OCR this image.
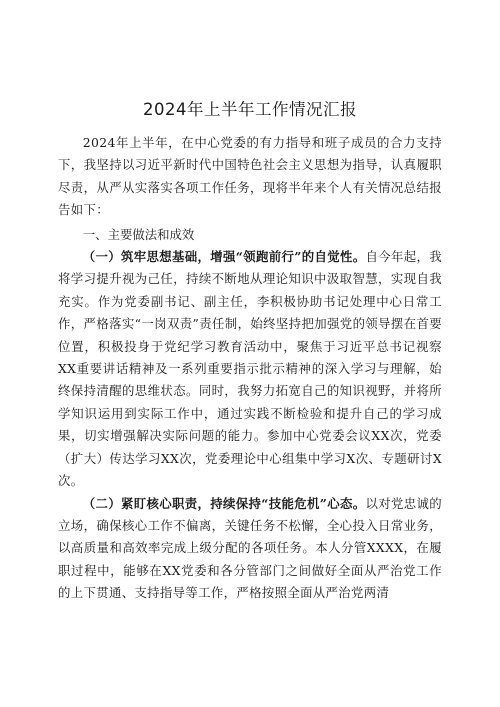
2024年上半年工作情况汇报

2024年上半年，在中心党委的有力指导和班子成员的合力支持下，我坚持以习近平新时代中国特色社会主义思想为指导，认真履职尽责，从严从实落实各项工作任务，现将半年来个人有关情况总结报告如下：

一、主要做法和成效

（一）筑牢思想基础，增强“领跑前行”的自觉性。自今年起，我将学习提升视为己任，持续不断地从理论知识中汲取智慧，实现自我充实。作为党委副书记、副主任，李积极协助书记处理中心日常工作，严格落实“一岗双责”责任制，始终坚持把加强党的领导摆在首要位置，积极投身于党纪学习教育活动中，聚焦于习近平总书记视察XX重要讲话精神及一系列重要指示批示精神的深入学习与理解，始终保持清醒的思维状态。同时，我努力拓宽自己的知识视野，并将所学知识运用到实际工作中，通过实践不断检验和提升自己的学习成果，切实增强解决实际问题的能力。参加中心党委会议XX次，党委（扩大）传达学习XX次，党委理论中心组集中学习X次、专题研讨X次。

（二）紧盯核心职责，持续保持“技能危机”心态。以对党忠诚的立场，确保核心工作不偏离，关键任务不松懈，全心投入日常业务，以高质量和高效率完成上级分配的各项任务。本人分管XXXX，在履职过程中，能够在XX党委和各分管部门之间做好全面从严治党工作的上下贯通、支持指导等工作，严格按照全面从严治党两清
